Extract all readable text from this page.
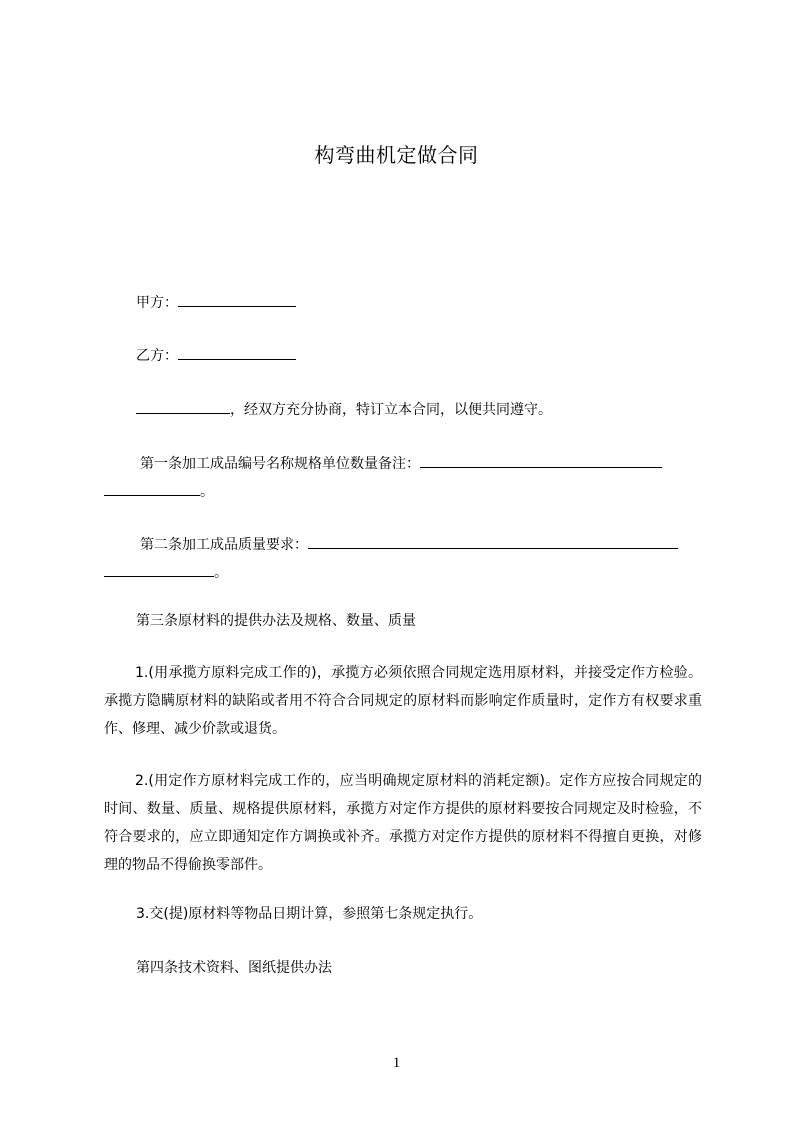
构弯曲机定做合同
甲方：
乙方：
，经双方充分协商，特订立本合同，以便共同遵守。
第一条加工成品编号名称规格单位数量备注：
。
第二条加工成品质量要求：
。
第三条原材料的提供办法及规格、数量、质量
1.(用承揽方原料完成工作的)，承揽方必须依照合同规定选用原材料，并接受定作方检验。承揽方隐瞒原材料的缺陷或者用不符合合同规定的原材料而影响定作质量时，定作方有权要求重作、修理、减少价款或退货。
2.(用定作方原材料完成工作的，应当明确规定原材料的消耗定额)。定作方应按合同规定的时间、数量、质量、规格提供原材料，承揽方对定作方提供的原材料要按合同规定及时检验，不符合要求的，应立即通知定作方调换或补齐。承揽方对定作方提供的原材料不得擅自更换，对修理的物品不得偷换零部件。
3.交(提)原材料等物品日期计算，参照第七条规定执行。
第四条技术资料、图纸提供办法
1
